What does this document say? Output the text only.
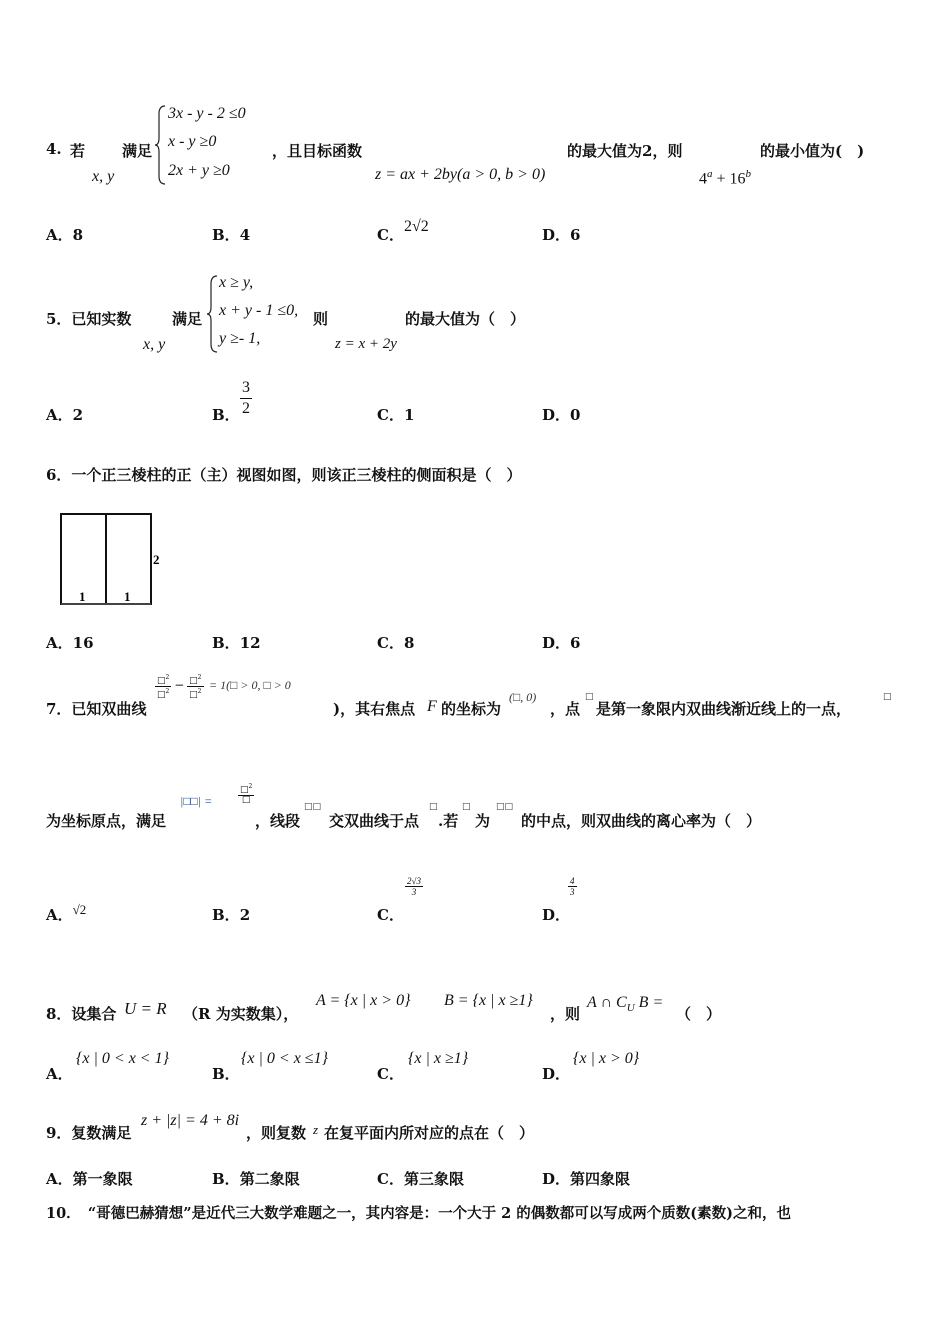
4. 若
x, y
满足
3x - y - 2 ≤0
x - y ≥0
2x + y ≥0
，且目标函数
z = ax + 2by(a > 0, b > 0)
的最大值为2，则
$4^a + 16^b$
的最小值为(　)
A．8	B．4	C．2√2	D．6
5．已知实数
x, y
满足
x ≥ y,
x + y - 1 ≤0,
y ≥- 1,
则
z = x + 2y
的最大值为（　）
A．2	B． $\frac{3}{2}$	C．1	D．0
6．一个正三棱柱的正（主）视图如图，则该正三棱柱的侧面积是（　）
1	1
2
A．16	B．12	C．8	D．6
7．已知双曲线
$\frac{□^2}{□^2} - \frac{□^2}{□^2}$ = 1(□ > 0, □ > 0
)，其右焦点 F 的坐标为
(□, 0)
，点
□
是第一象限内双曲线渐近线上的一点，
□
为坐标原点，满足
|□□| =	$\frac{□^2}{□}$
，线段
□□
交双曲线于点
□
.若
□
为
□□
的中点，则双曲线的离心率为（　）
A．√2	B．2	C．
$\frac{2√3}{3}$
D．
$\frac{4}{3}$
8．设集合 U = R （R 为实数集），
A = {x | x > 0} B = {x | x ≥1}
，则
A ∩ $C_U$ B =
（　）
A．
{x | 0 < x < 1}
B．
{x | 0 < x ≤1}
C．
{x | x ≥1}
D．
{x | x > 0}
9．复数满足
z + |z| = 4 + 8i
，则复数 z 在复平面内所对应的点在（　）
A．第一象限	B．第二象限	C．第三象限	D．第四象限
10．　“哥德巴赫猜想”是近代三大数学难题之一，其内容是：一个大于 2 的偶数都可以写成两个质数(素数)之和，也
